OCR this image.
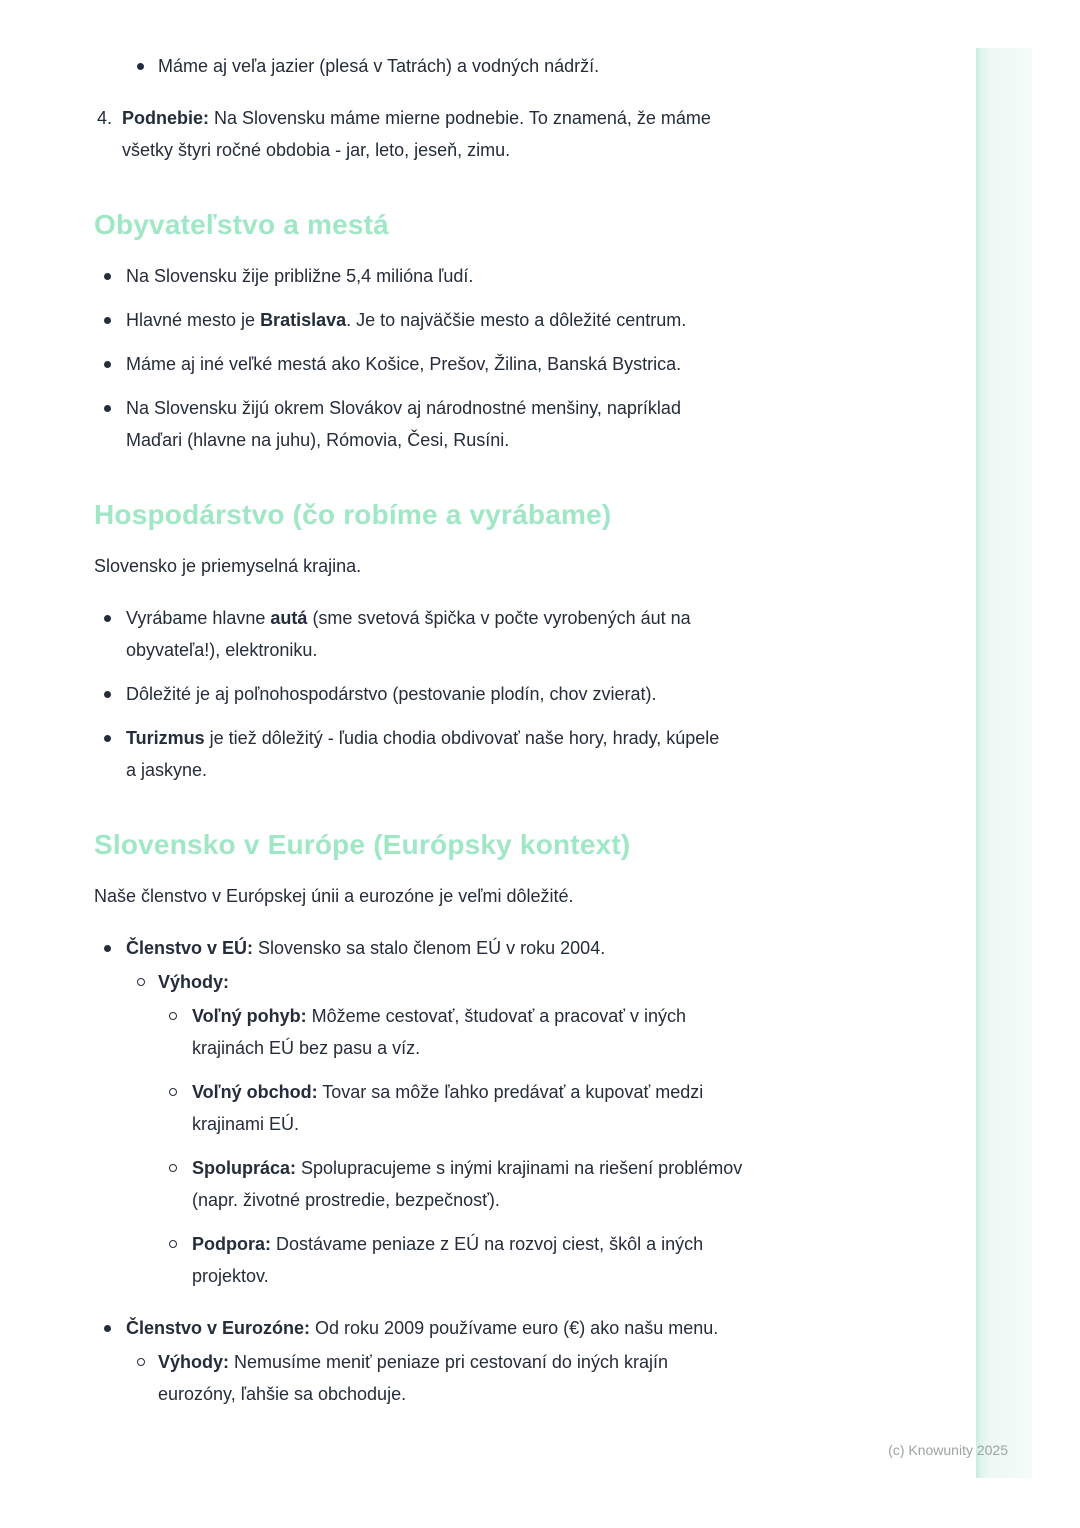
Máme aj veľa jazier (plesá v Tatrách) a vodných nádrží.
4. Podnebie: Na Slovensku máme mierne podnebie. To znamená, že máme
všetky štyri ročné obdobia - jar, leto, jeseň, zimu.
Obyvateľstvo a mestá
Na Slovensku žije približne 5,4 milióna ľudí.
Hlavné mesto je Bratislava. Je to najväčšie mesto a dôležité centrum.
Máme aj iné veľké mestá ako Košice, Prešov, Žilina, Banská Bystrica.
Na Slovensku žijú okrem Slovákov aj národnostné menšiny, napríklad
Maďari (hlavne na juhu), Rómovia, Česi, Rusíni.
Hospodárstvo (čo robíme a vyrábame)

Slovensko je priemyselná krajina.

Vyrábame hlavne autá (sme svetová špička v počte vyrobených áut na
obyvateľa!), elektroniku.
Dôležité je aj poľnohospodárstvo (pestovanie plodín, chov zvierat).
Turizmus je tiež dôležitý - ľudia chodia obdivovať naše hory, hrady, kúpele
a jaskyne.
Slovensko v Európe (Európsky kontext)

Naše členstvo v Európskej únii a eurozóne je veľmi dôležité.

Členstvo v EÚ: Slovensko sa stalo členom EÚ v roku 2004.
Výhody:
Voľný pohyb: Môžeme cestovať, študovať a pracovať v iných
krajinách EÚ bez pasu a víz.
Voľný obchod: Tovar sa môže ľahko predávať a kupovať medzi
krajinami EÚ.
Spolupráca: Spolupracujeme s inými krajinami na riešení problémov
(napr. životné prostredie, bezpečnosť).
Podpora: Dostávame peniaze z EÚ na rozvoj ciest, škôl a iných
projektov.
Členstvo v Eurozóne: Od roku 2009 používame euro (€) ako našu menu.
Výhody: Nemusíme meniť peniaze pri cestovaní do iných krajín
eurozóny, ľahšie sa obchoduje.
(c) Knowunity 2025
